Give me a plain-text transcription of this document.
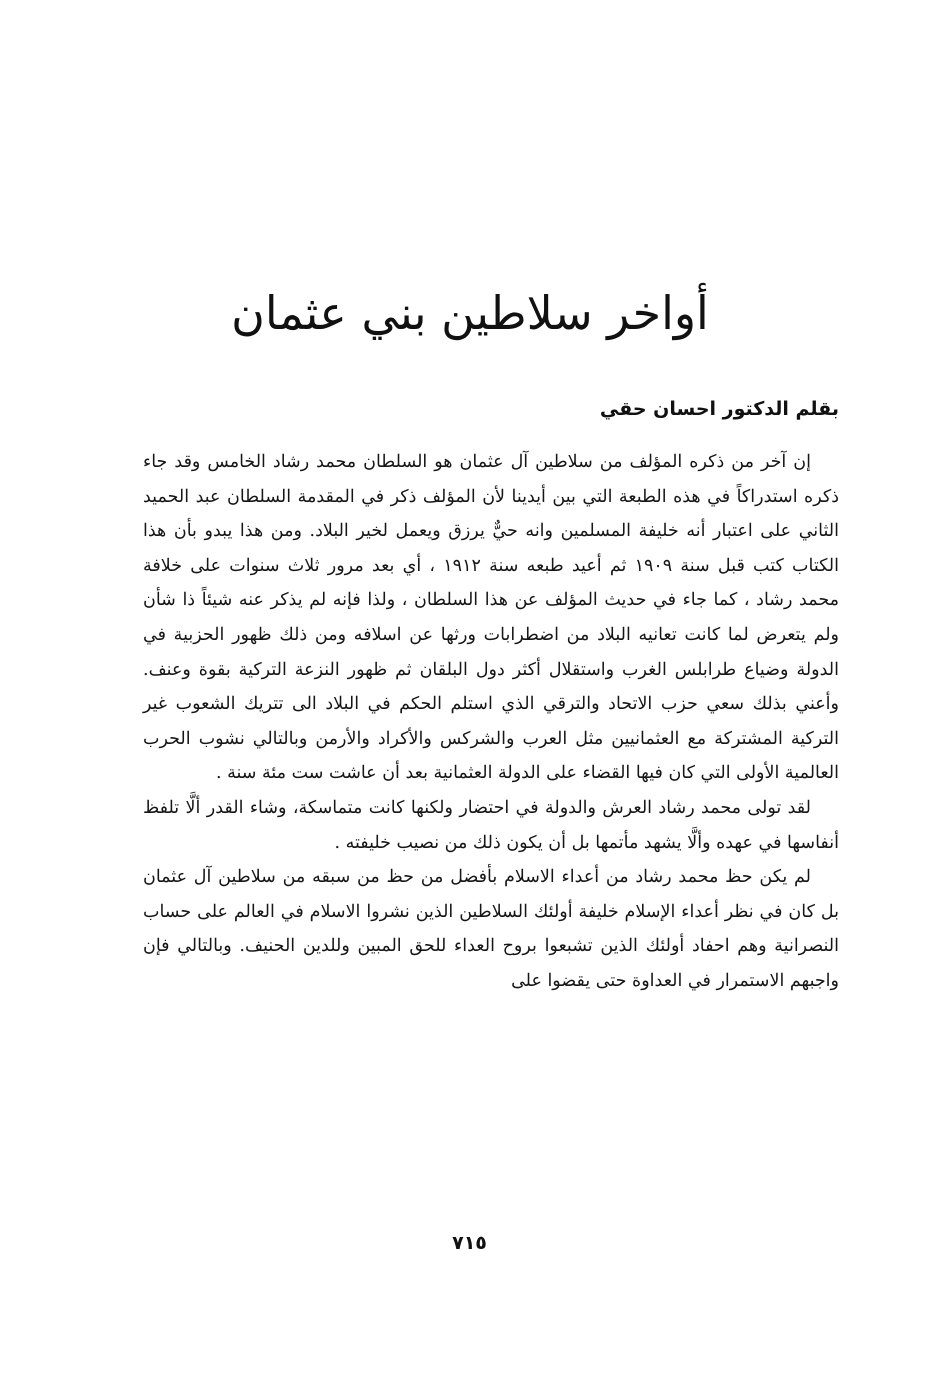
أواخر سلاطين بني عثمان
بقلم الدكتور احسان حقي

إن آخر من ذكره المؤلف من سلاطين آل عثمان هو السلطان محمد رشاد الخامس وقد جاء ذكره استدراكاً في هذه الطبعة التي بين أيدينا لأن المؤلف ذكر في المقدمة السلطان عبد الحميد الثاني على اعتبار أنه خليفة المسلمين وانه حيٌّ يرزق ويعمل لخير البلاد. ومن هذا يبدو بأن هذا الكتاب كتب قبل سنة ١٩٠٩ ثم أعيد طبعه سنة ١٩١٢ ، أي بعد مرور ثلاث سنوات على خلافة محمد رشاد ، كما جاء في حديث المؤلف عن هذا السلطان ، ولذا فإنه لم يذكر عنه شيئاً ذا شأن ولم يتعرض لما كانت تعانيه البلاد من اضطرابات ورثها عن اسلافه ومن ذلك ظهور الحزبية في الدولة وضياع طرابلس الغرب واستقلال أكثر دول البلقان ثم ظهور النزعة التركية بقوة وعنف. وأعني بذلك سعي حزب الاتحاد والترقي الذي استلم الحكم في البلاد الى تتريك الشعوب غير التركية المشتركة مع العثمانيين مثل العرب والشركس والأكراد والأرمن وبالتالي نشوب الحرب العالمية الأولى التي كان فيها القضاء على الدولة العثمانية بعد أن عاشت ست مئة سنة .

لقد تولى محمد رشاد العرش والدولة في احتضار ولكنها كانت متماسكة، وشاء القدر ألَّا تلفظ أنفاسها في عهده وألَّا يشهد مأتمها بل أن يكون ذلك من نصيب خليفته .

لم يكن حظ محمد رشاد من أعداء الاسلام بأفضل من حظ من سبقه من سلاطين آل عثمان بل كان في نظر أعداء الإسلام خليفة أولئك السلاطين الذين نشروا الاسلام في العالم على حساب النصرانية وهم احفاد أولئك الذين تشبعوا بروح العداء للحق المبين وللدين الحنيف. وبالتالي فإن واجبهم الاستمرار في العداوة حتى يقضوا على

٧١٥
